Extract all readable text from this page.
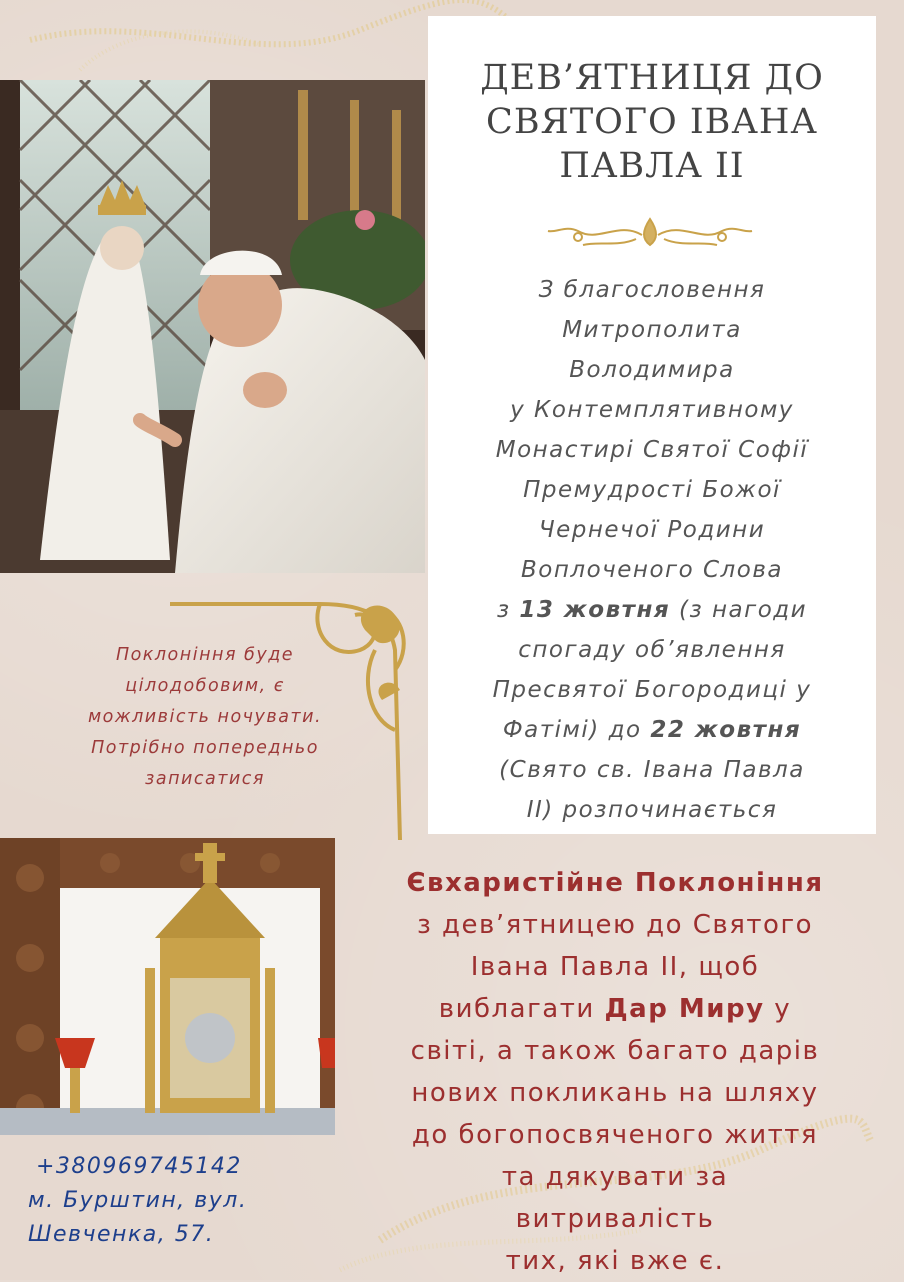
ДЕВ’ЯТНИЦЯ ДО
СВЯТОГО ІВАНА
ПАВЛА ІІ
З благословення
Митрополита
Володимира
у Контемплятивному
Монастирі Святої Софії
Премудрості Божої
Чернечої Родини
Воплоченого Слова
з 13 жовтня (з нагоди
спогаду об’явлення
Пресвятої Богородиці у
Фатімі) до 22 жовтня
(Свято св. Івана Павла
ІІ) розпочинається
Поклоніння буде
цілодобовим, є
можливість ночувати.
Потрібно попередньо
записатися
+380969745142
м. Бурштин, вул.
Шевченка, 57.
Євхаристійне Поклоніння
з дев’ятницею до Святого
Івана Павла ІІ, щоб
виблагати Дар Миру у
світі, а також багато дарів
нових покликань на шляху
до богопосвяченого життя
та дякувати за
витривалість
тих, які вже є.
